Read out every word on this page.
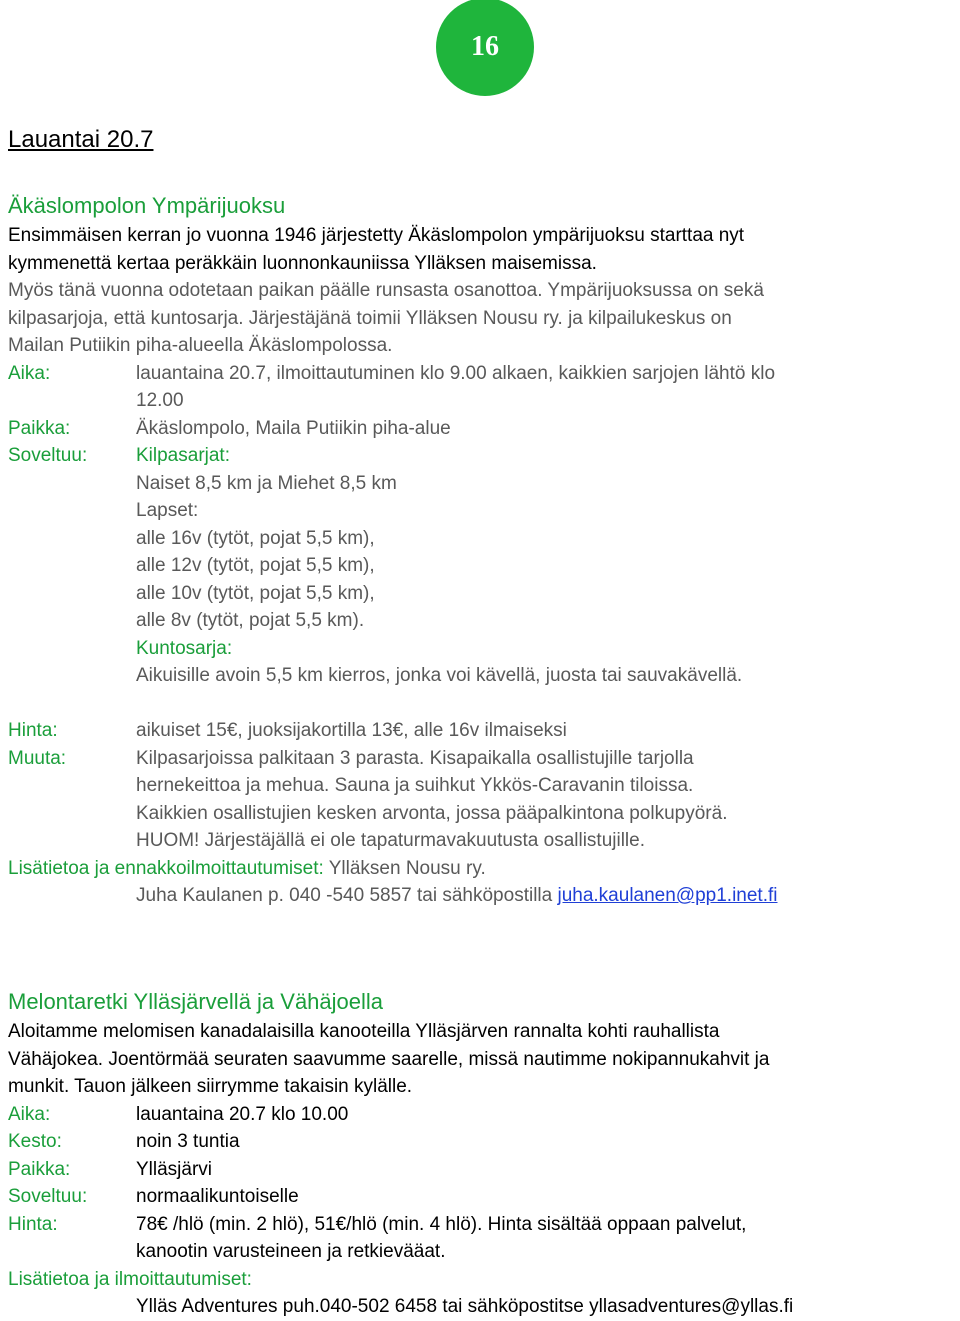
16
Lauantai 20.7
Äkäslompolon Ympärijuoksu

Ensimmäisen kerran jo vuonna 1946 järjestetty Äkäslompolon ympärijuoksu starttaa nyt

kymmenettä kertaa peräkkäin luonnonkauniissa Ylläksen maisemissa.

Myös tänä vuonna odotetaan paikan päälle runsasta osanottoa. Ympärijuoksussa on sekä

kilpasarjoja, että kuntosarja. Järjestäjänä toimii Ylläksen Nousu ry. ja kilpailukeskus on

Mailan Putiikin piha-alueella Äkäslompolossa.

Aika:	lauantaina 20.7, ilmoittautuminen klo 9.00 alkaen, kaikkien sarjojen lähtö klo
12.00
Paikka:	Äkäslompolo, Maila Putiikin piha-alue
Soveltuu:	Kilpasarjat:
Naiset 8,5 km ja Miehet 8,5 km
Lapset:
alle 16v (tytöt, pojat 5,5 km),
alle 12v (tytöt, pojat 5,5 km),
alle 10v (tytöt, pojat 5,5 km),
alle 8v (tytöt, pojat 5,5 km).
Kuntosarja:
Aikuisille avoin 5,5 km kierros, jonka voi kävellä, juosta tai sauvakävellä.
Hinta:	aikuiset 15€, juoksijakortilla 13€, alle 16v ilmaiseksi
Muuta:	Kilpasarjoissa palkitaan 3 parasta. Kisapaikalla osallistujille tarjolla
hernekeittoa ja mehua. Sauna ja suihkut Ykkös-Caravanin tiloissa.
Kaikkien osallistujien kesken arvonta, jossa pääpalkintona polkupyörä.
HUOM! Järjestäjällä ei ole tapaturmavakuutusta osallistujille.

Lisätietoa ja ennakkoilmoittautumiset: Ylläksen Nousu ry.

Juha Kaulanen p. 040 -540 5857 tai sähköpostilla juha.kaulanen@pp1.inet.fi

Melontaretki Ylläsjärvellä ja Vähäjoella

Aloitamme melomisen kanadalaisilla kanooteilla Ylläsjärven rannalta kohti rauhallista

Vähäjokea. Joentörmää seuraten saavumme saarelle, missä nautimme nokipannukahvit ja

munkit. Tauon jälkeen siirrymme takaisin kylälle.

Aika:	lauantaina 20.7 klo 10.00
Kesto:	noin 3 tuntia
Paikka:	Ylläsjärvi
Soveltuu:	normaalikuntoiselle
Hinta:	78€ /hlö (min. 2 hlö), 51€/hlö (min. 4 hlö). Hinta sisältää oppaan palvelut,
kanootin varusteineen ja retkievääat.

Lisätietoa ja ilmoittautumiset:

Ylläs Adventures puh.040-502 6458 tai sähköpostitse yllasadventures@yllas.fi
